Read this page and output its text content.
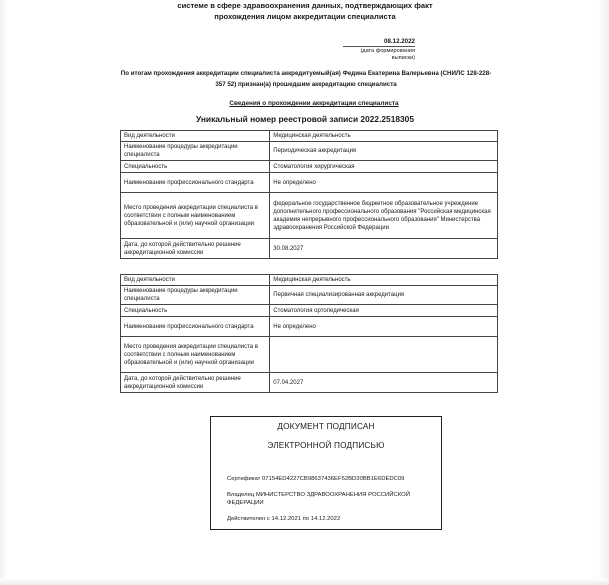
системе в сфере здравоохранения данных, подтверждающих факт
прохождения лицом аккредитации специалиста
08.12.2022
(дата формирования выписки)
По итогам прохождения аккредитации специалиста аккредитуемый(ая) Федина Екатерина Валерьевна (СНИЛС 128-228-357 52) признан(а) прошедшим аккредитацию специалиста
Сведения о прохождении аккредитации специалиста
Уникальный номер реестровой записи 2022.2518305
Вид деятельности	Медицинская деятельность
Наименование процедуры аккредитации специалиста	Периодическая аккредитация
Специальность	Стоматология хирургическая
Наименование профессионального стандарта	Не определено
Место проведения аккредитации специалиста в соответствии с полным наименованием образовательной и (или) научной организации	федеральное государственное бюджетное образовательное учреждение дополнительного профессионального образования "Российская медицинская академия непрерывного профессионального образования" Министерства здравоохранения Российской Федерации
Дата, до которой действительно решение аккредитационной комиссии	30.08.2027
Вид деятельности	Медицинская деятельность
Наименование процедуры аккредитации специалиста	Первичная специализированная аккредитация
Специальность	Стоматология ортопедическая
Наименование профессионального стандарта	Не определено
Место проведения аккредитации специалиста в соответствии с полным наименованием образовательной и (или) научной организации	
Дата, до которой действительно решение аккредитационной комиссии	07.04.2027
ДОКУМЕНТ ПОДПИСАН
ЭЛЕКТРОННОЙ ПОДПИСЬЮ
Сертификат 07154ED4227CB98637436EF52BD30BB1E6DEDC09
Владелец МИНИСТЕРСТВО ЗДРАВООХРАНЕНИЯ РОССИЙСКОЙ ФЕДЕРАЦИИ
Действителен с 14.12.2021 по 14.12.2022
